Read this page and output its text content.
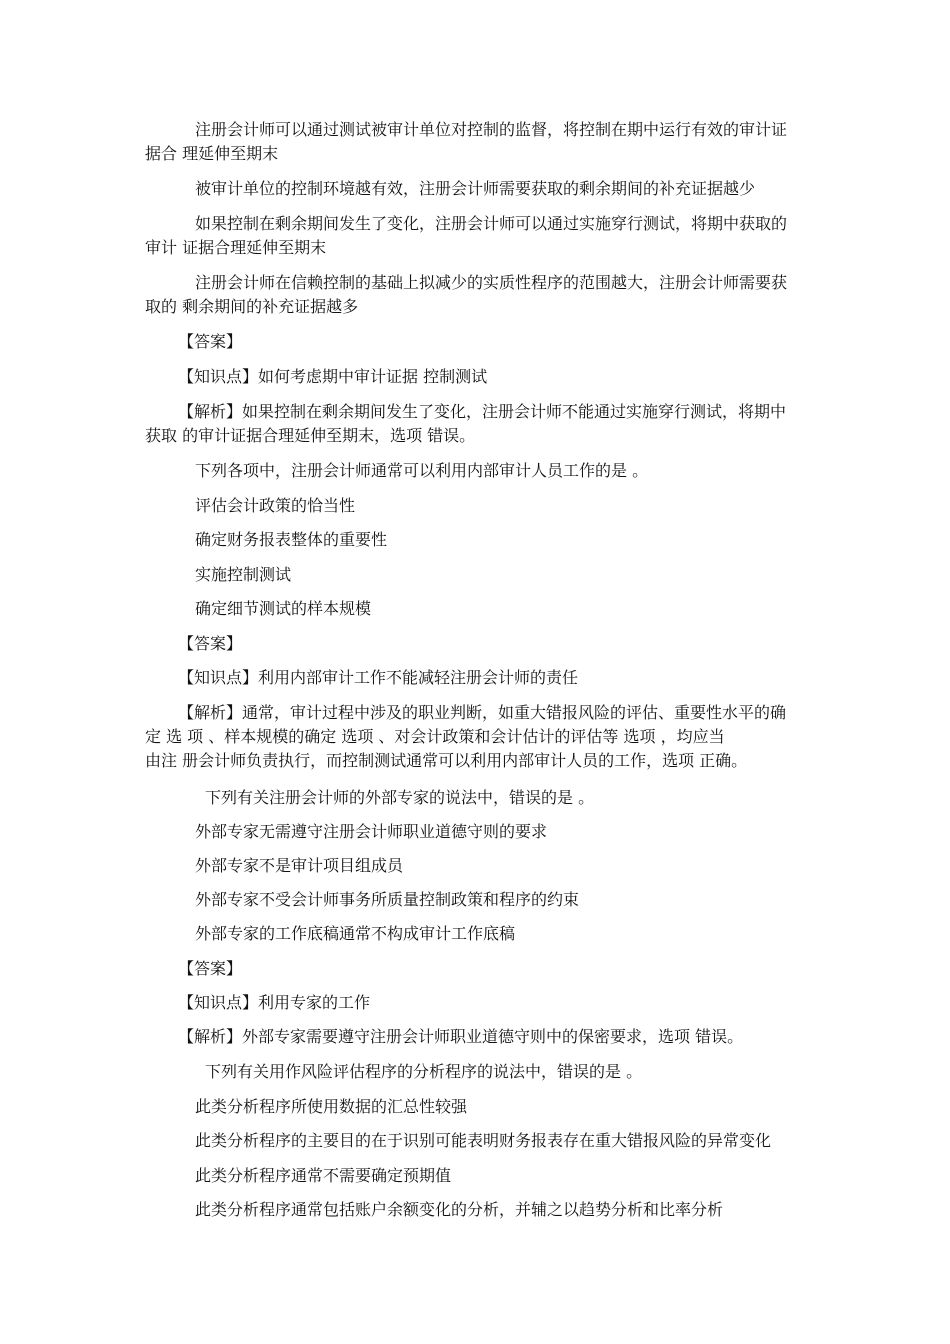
注册会计师可以通过测试被审计单位对控制的监督，将控制在期中运行有效的审计证

据合 理延伸至期末

被审计单位的控制环境越有效，注册会计师需要获取的剩余期间的补充证据越少

如果控制在剩余期间发生了变化，注册会计师可以通过实施穿行测试，将期中获取的

审计 证据合理延伸至期末

注册会计师在信赖控制的基础上拟减少的实质性程序的范围越大，注册会计师需要获

取的 剩余期间的补充证据越多

【答案】

【知识点】如何考虑期中审计证据 控制测试

【解析】如果控制在剩余期间发生了变化，注册会计师不能通过实施穿行测试，将期中

获取 的审计证据合理延伸至期末，选项 错误。

下列各项中，注册会计师通常可以利用内部审计人员工作的是 。

评估会计政策的恰当性

确定财务报表整体的重要性

实施控制测试

确定细节测试的样本规模

【答案】

【知识点】利用内部审计工作不能减轻注册会计师的责任

【解析】通常，审计过程中涉及的职业判断，如重大错报风险的评估、重要性水平的确

定 选 项 、样本规模的确定 选项 、对会计政策和会计估计的评估等 选项 ，均应当

由注 册会计师负责执行，而控制测试通常可以利用内部审计人员的工作，选项 正确。

下列有关注册会计师的外部专家的说法中，错误的是 。

外部专家无需遵守注册会计师职业道德守则的要求

外部专家不是审计项目组成员

外部专家不受会计师事务所质量控制政策和程序的约束

外部专家的工作底稿通常不构成审计工作底稿

【答案】

【知识点】利用专家的工作

【解析】外部专家需要遵守注册会计师职业道德守则中的保密要求，选项 错误。

下列有关用作风险评估程序的分析程序的说法中，错误的是 。

此类分析程序所使用数据的汇总性较强

此类分析程序的主要目的在于识别可能表明财务报表存在重大错报风险的异常变化

此类分析程序通常不需要确定预期值

此类分析程序通常包括账户余额变化的分析，并辅之以趋势分析和比率分析
